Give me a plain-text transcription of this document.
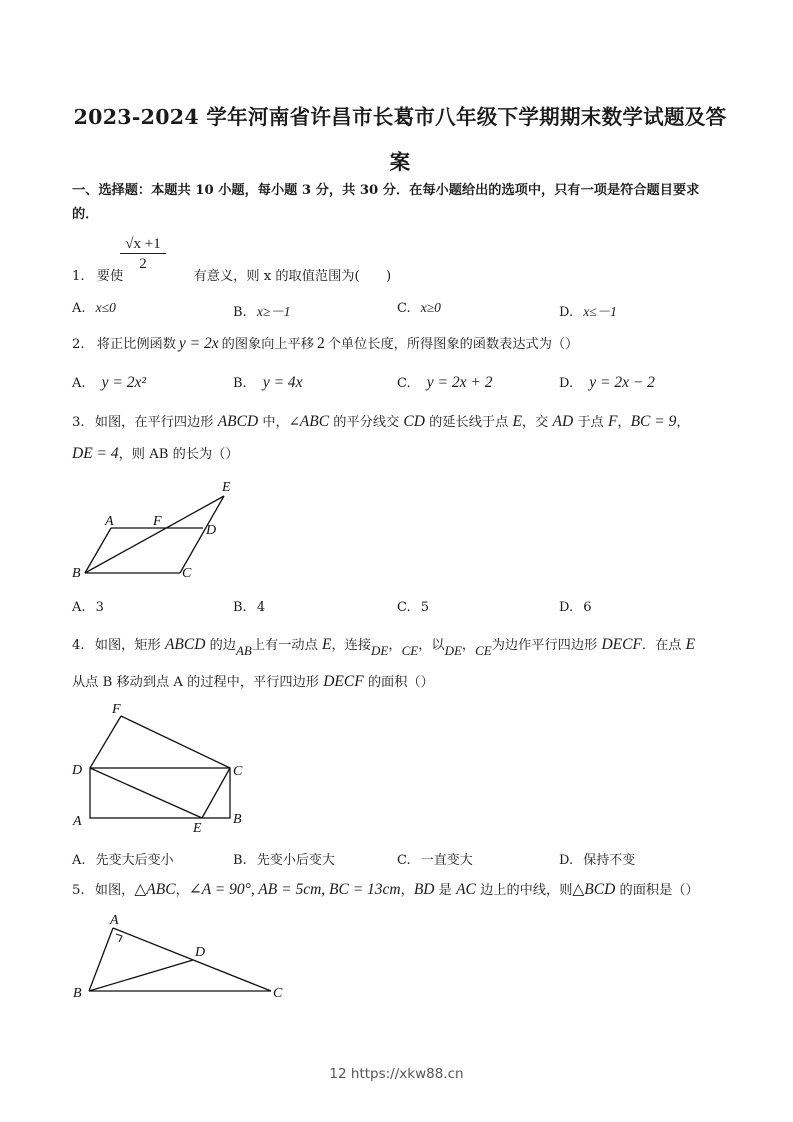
2023-2024 学年河南省许昌市长葛市八年级下学期期末数学试题及答
案
一、选择题：本题共 10 小题，每小题 3 分，共 30 分．在每小题给出的选项中，只有一项是符合题目要求
的．
1. 要使	有意义，则 x 的取值范围为(　　)
$\frac{√x +1}{2}$
A. x≤0	B. x≥－1	C. x≥0	D. x≤－1
2. 将正比例函数 y = 2x 的图象向上平移 2 个单位长度，所得图象的函数表达式为（）
A. y = 2x²	B. y = 4x	C. y = 2x + 2	D. y = 2x − 2
3. 如图，在平行四边形 ABCD 中，∠ABC 的平分线交 CD 的延长线于点 E，交 AD 于点 F，BC = 9，
DE = 4，则 AB 的长为（）
A	F
D
E
B	C
A. 3	B. 4	C. 5	D. 6
4. 如图，矩形 ABCD 的边AB上有一动点 E，连接DE，CE，以DE，CE为边作平行四边形 DECF．在点 E
从点 B 移动到点 A 的过程中，平行四边形 DECF 的面积（）
F
D	C
A	B
E
A. 先变大后变小	B. 先变小后变大	C. 一直变大	D. 保持不变
5. 如图，△ABC，∠A = 90°, AB = 5cm, BC = 13cm，BD 是 AC 边上的中线，则△BCD 的面积是（）
A
D
B	C
12 https://xkw88.cn
